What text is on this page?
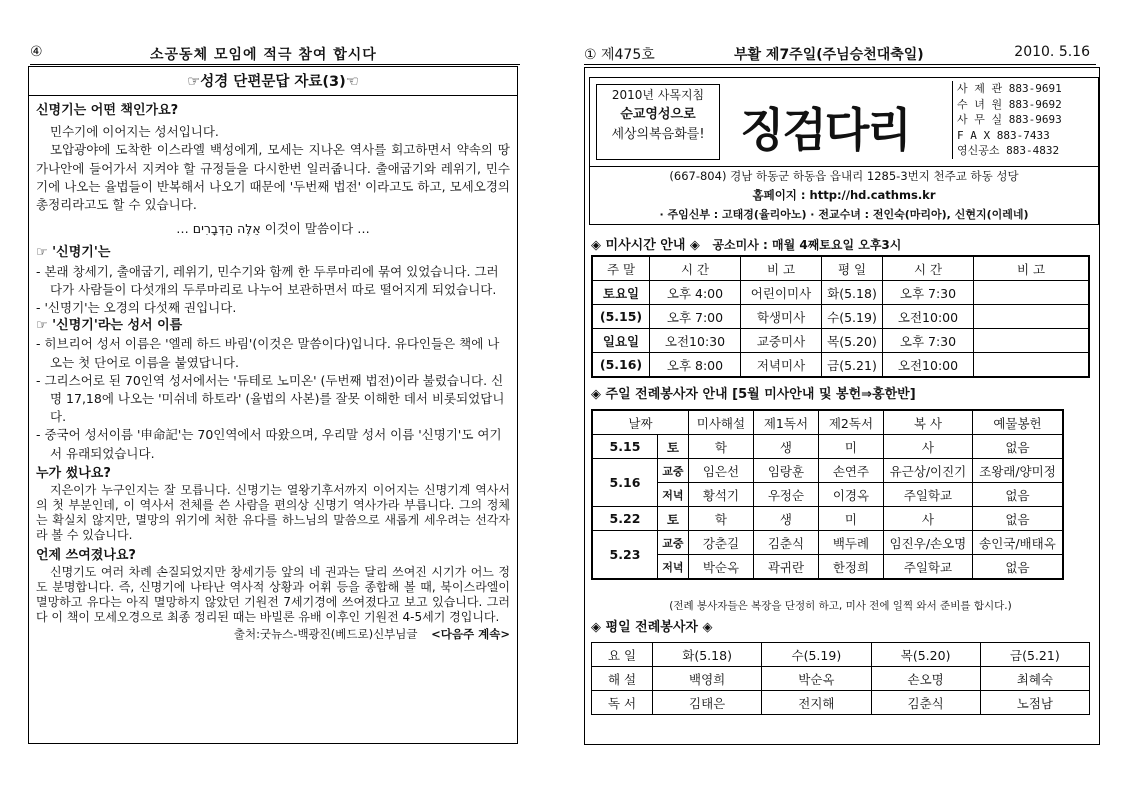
④	소공동체 모임에 적극 참여 합시다
☞성경 단편문답 자료(3)☜

신명기는 어떤 책인가요?

민수기에 이어지는 성서입니다.

모압광야에 도착한 이스라엘 백성에게, 모세는 지나온 역사를 회고하면서 약속의 땅 가나안에 들어가서 지켜야 할 규정들을 다시한번 일러줍니다. 출애굽기와 레위기, 민수기에 나오는 율법들이 반복해서 나오기 때문에 '두번째 법전' 이라고도 하고, 모세오경의 총정리라고도 할 수 있습니다.

… אֵלֶּה הַדְּבָרִים 이것이 말씀이다 …

☞ '신명기'는

- 본래 창세기, 출애굽기, 레위기, 민수기와 함께 한 두루마리에 묶여 있었습니다. 그러다가 사람들이 다섯개의 두루마리로 나누어 보관하면서 따로 떨어지게 되었습니다.

- '신명기'는 오경의 다섯째 권입니다.

☞ '신명기'라는 성서 이름

- 히브리어 성서 이름은 '엘레 하드 바림'(이것은 말씀이다)입니다. 유다인들은 책에 나오는 첫 단어로 이름을 붙였답니다.

- 그리스어로 된 70인역 성서에서는 '듀테로 노미온' (두번째 법전)이라 불렀습니다. 신명 17,18에 나오는 '미쉬네 하토라' (율법의 사본)를 잘못 이해한 데서 비롯되었답니다.

- 중국어 성서이름 '申命記'는 70인역에서 따왔으며, 우리말 성서 이름 '신명기'도 여기서 유래되었습니다.

누가 썼나요?

지은이가 누구인지는 잘 모릅니다. 신명기는 열왕기후서까지 이어지는 신명기계 역사서의 첫 부분인데, 이 역사서 전체를 쓴 사람을 편의상 신명기 역사가라 부릅니다. 그의 정체는 확실치 않지만, 멸망의 위기에 처한 유다를 하느님의 말씀으로 새롭게 세우려는 선각자라 볼 수 있습니다.

언제 쓰여졌나요?

신명기도 여러 차례 손질되었지만 창세기등 앞의 네 권과는 달리 쓰여진 시기가 어느 정도 분명합니다. 즉, 신명기에 나타난 역사적 상황과 어휘 등을 종합해 볼 때, 북이스라엘이 멸망하고 유다는 아직 멸망하지 않았던 기원전 7세기경에 쓰여졌다고 보고 있습니다. 그러다 이 책이 모세오경으로 최종 정리된 때는 바빌론 유배 이후인 기원전 4-5세기 경입니다.

출처:굿뉴스-백광진(베드로)신부님글 <다음주 계속>

① 제475호	부활 제7주일(주님승천대축일)	2010. 5.16
2010년 사목지침
순교영성으로
세상의복음화를! 징검다리
사 제 관 883-9691
수 녀 원 883-9692
사 무 실 883-9693
F A X 883-7433
영신공소 883-4832
(667-804) 경남 하동군 하동읍 읍내리 1285-3번지 천주교 하동 성당
홈페이지 : http://hd.cathms.kr
· 주임신부 : 고태경(율리아노) · 전교수녀 : 전인숙(마리아), 신현지(이레네)
◈ 미사시간 안내 ◈ 공소미사 : 매월 4째토요일 오후3시
주 말	시 간	비 고	평 일	시 간	비 고
토요일	오후 4:00	어린이미사	화(5.18)	오후 7:30	
(5.15)	오후 7:00	학생미사	수(5.19)	오전10:00	
일요일	오전10:30	교중미사	목(5.20)	오후 7:30	
(5.16)	오후 8:00	저녁미사	금(5.21)	오전10:00	
◈ 주일 전례봉사자 안내 [5월 미사안내 및 봉헌⇒홍한반]
날짜		미사해설	제1독서	제2독서	복 사	예물봉헌
5.15	토	학	생	미	사	없음
5.16	교중	임은선	임랑훈	손연주	유근상/이진기	조왕래/양미정
	저녁	황석기	우정순	이경옥	주일학교	없음
5.22	토	학	생	미	사	없음
5.23	교중	강춘길	김춘식	백두례	임진우/손오명	송인국/배태옥
	저녁	박순옥	곽귀란	한정희	주일학교	없음
(전례 봉사자들은 복장을 단정히 하고, 미사 전에 일찍 와서 준비를 합시다.)
◈ 평일 전례봉사자 ◈
요 일	화(5.18)	수(5.19)	목(5.20)	금(5.21)
해 설	백영희	박순옥	손오명	최혜숙
독 서	김태은	전지해	김춘식	노점남
